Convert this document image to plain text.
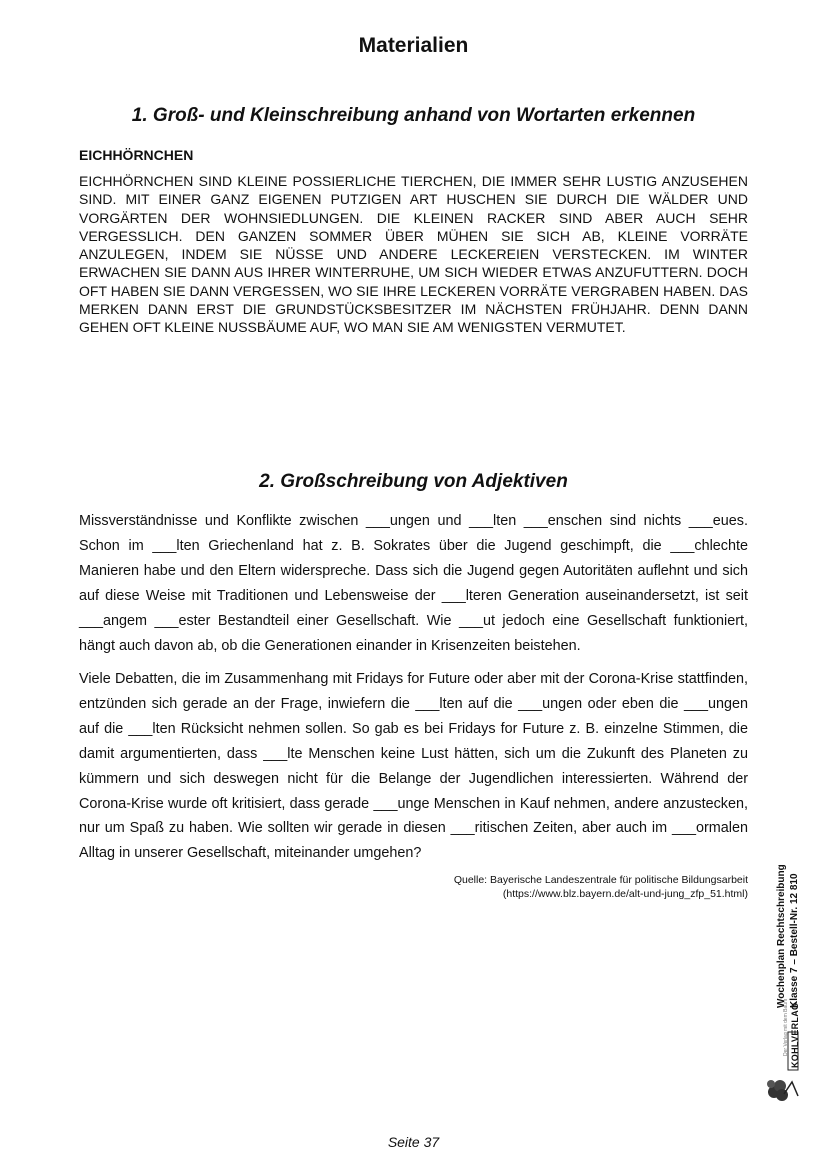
Materialien
1. Groß- und Kleinschreibung anhand von Wortarten erkennen
EICHHÖRNCHEN

EICHHÖRNCHEN SIND KLEINE POSSIERLICHE TIERCHEN, DIE IMMER SEHR LUSTIG ANZUSEHEN SIND. MIT EINER GANZ EIGENEN PUTZIGEN ART HUSCHEN SIE DURCH DIE WÄLDER UND VORGÄRTEN DER WOHNSIEDLUNGEN. DIE KLEINEN RACKER SIND ABER AUCH SEHR VERGESSLICH. DEN GANZEN SOMMER ÜBER MÜHEN SIE SICH AB, KLEINE VORRÄTE ANZULEGEN, INDEM SIE NÜSSE UND ANDERE LECKEREIEN VERSTECKEN. IM WINTER ERWACHEN SIE DANN AUS IHRER WINTERRUHE, UM SICH WIEDER ETWAS ANZUFUTTERN. DOCH OFT HABEN SIE DANN VERGESSEN, WO SIE IHRE LECKEREN VORRÄTE VERGRABEN HABEN. DAS MERKEN DANN ERST DIE GRUNDSTÜCKSBESITZER IM NÄCHSTEN FRÜHJAHR. DENN DANN GEHEN OFT KLEINE NUSSBÄUME AUF, WO MAN SIE AM WENIGSTEN VERMUTET.

2. Großschreibung von Adjektiven

Missverständnisse und Konflikte zwischen ___ungen und ___lten ___enschen sind nichts ___eues. Schon im ___lten Griechenland hat z. B. Sokrates über die Jugend geschimpft, die ___chlechte Manieren habe und den Eltern widerspreche. Dass sich die Jugend gegen Autoritäten auflehnt und sich auf diese Weise mit Traditionen und Lebensweise der ___lteren Generation auseinandersetzt, ist seit ___angem ___ester Bestandteil einer Gesellschaft. Wie ___ut jedoch eine Gesellschaft funktioniert, hängt auch davon ab, ob die Generationen einander in Krisenzeiten beistehen.

Viele Debatten, die im Zusammenhang mit Fridays for Future oder aber mit der Corona-Krise stattfinden, entzünden sich gerade an der Frage, inwiefern die ___lten auf die ___ungen oder eben die ___ungen auf die ___lten Rücksicht nehmen sollen. So gab es bei Fridays for Future z. B. einzelne Stimmen, die damit argumentierten, dass ___lte Menschen keine Lust hätten, sich um die Zukunft des Planeten zu kümmern und sich deswegen nicht für die Belange der Jugendlichen interessierten. Während der Corona-Krise wurde oft kritisiert, dass gerade ___unge Menschen in Kauf nehmen, andere anzustecken, nur um Spaß zu haben. Wie sollten wir gerade in diesen ___ritischen Zeiten, aber auch im ___ormalen Alltag in unserer Gesellschaft, miteinander umgehen?

Quelle: Bayerische Landeszentrale für politische Bildungsarbeit
(https://www.blz.bayern.de/alt-und-jung_zfp_51.html)	Wochenplan Rechtschreibung Klasse 7 – Bestell-Nr. 12 810
Der Verlag mit dem Baum KOHLVERLAG
Seite 37
